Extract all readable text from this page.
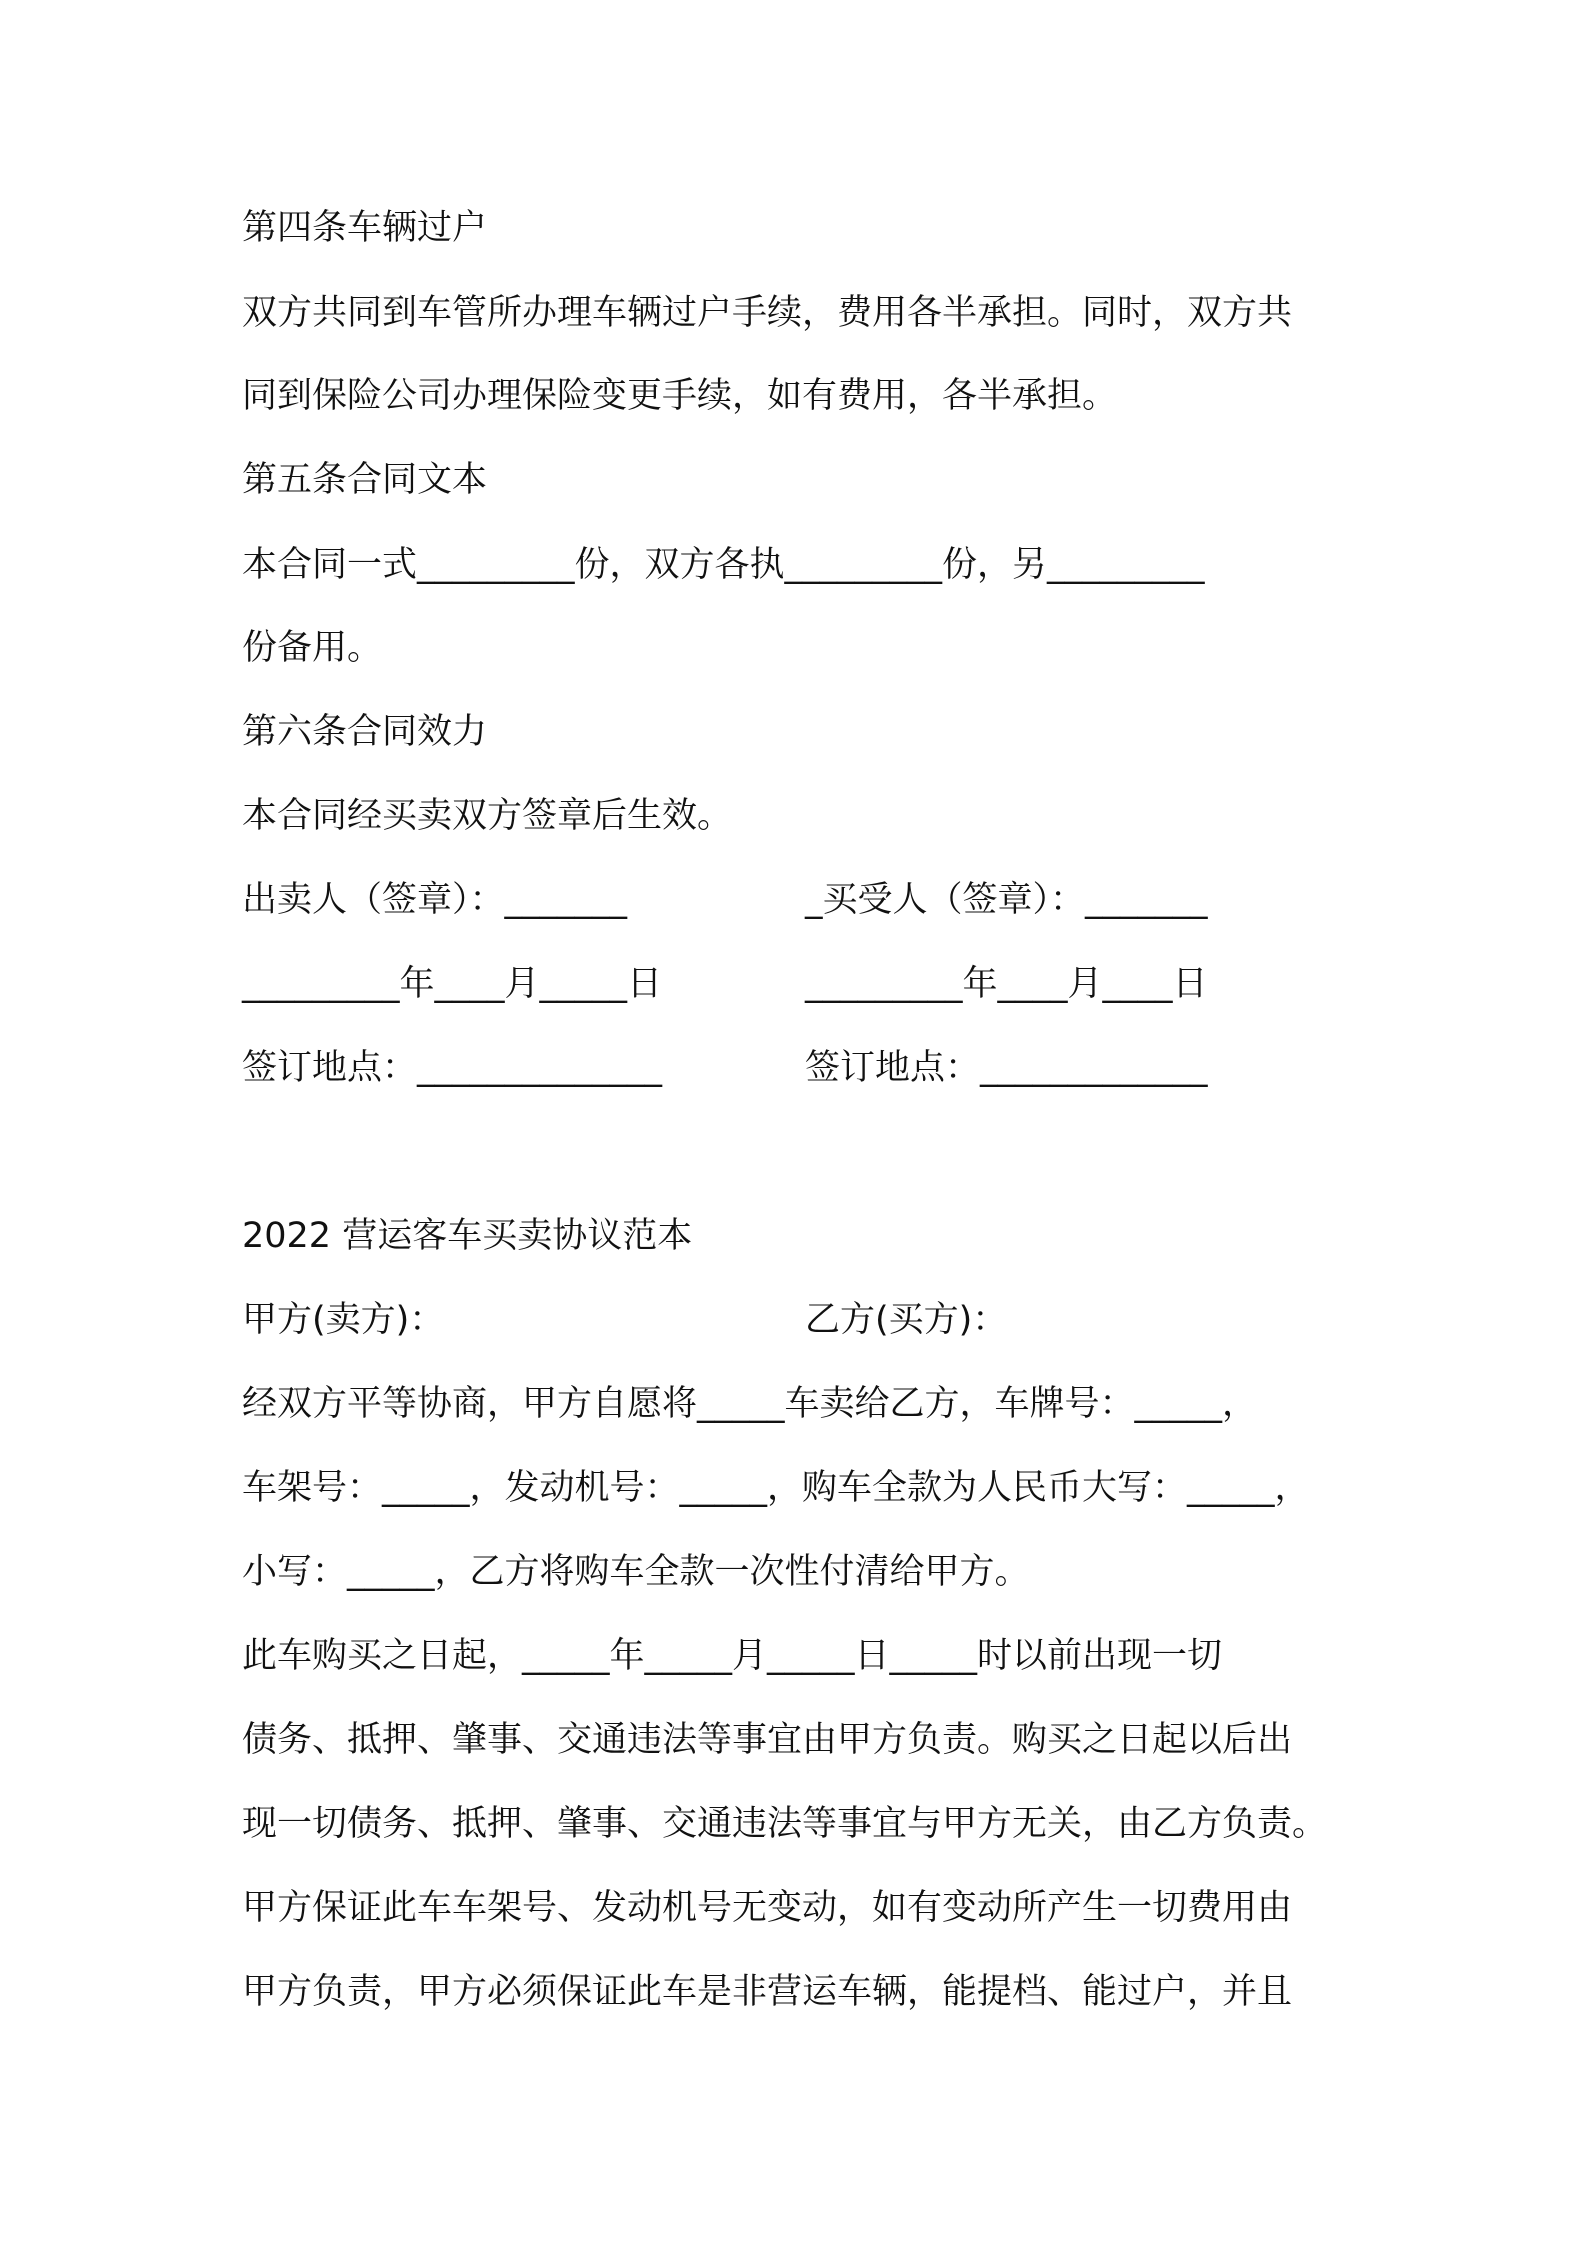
第四条车辆过户
双方共同到车管所办理车辆过户手续，费用各半承担。同时，双方共
同到保险公司办理保险变更手续，如有费用，各半承担。
第五条合同文本
本合同一式_________份，双方各执_________份，另_________
份备用。
第六条合同效力
本合同经买卖双方签章后生效。
出卖人（签章）：_______	_买受人（签章）：_______
_________年____月_____日	_________年____月____日
签订地点：______________	签订地点：_____________
2022 营运客车买卖协议范本
甲方(卖方)：	乙方(买方)：
经双方平等协商，甲方自愿将_____车卖给乙方，车牌号：_____，
车架号：_____，发动机号：_____，购车全款为人民币大写：_____，
小写：_____，乙方将购车全款一次性付清给甲方。
此车购买之日起，_____年_____月_____日_____时以前出现一切
债务、抵押、肇事、交通违法等事宜由甲方负责。购买之日起以后出
现一切债务、抵押、肇事、交通违法等事宜与甲方无关，由乙方负责。
甲方保证此车车架号、发动机号无变动，如有变动所产生一切费用由
甲方负责，甲方必须保证此车是非营运车辆，能提档、能过户，并且
